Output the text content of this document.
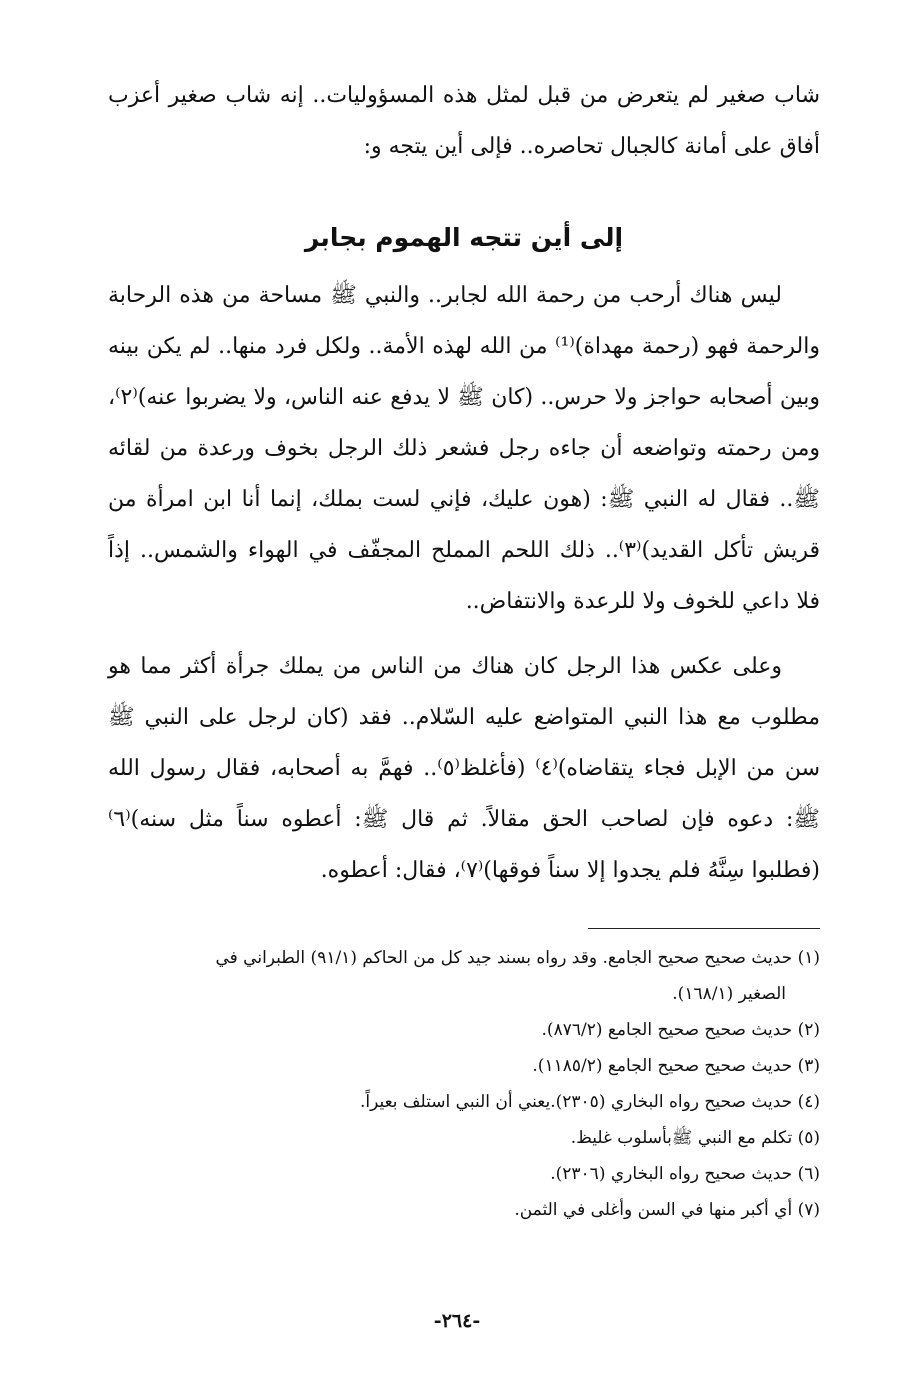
شاب صغير لم يتعرض من قبل لمثل هذه المسؤوليات.. إنه شاب صغير أعزب أفاق على أمانة كالجبال تحاصره.. فإلى أين يتجه و:

إلى أين تتجه الهموم بجابر

ليس هناك أرحب من رحمة الله لجابر.. والنبي ﷺ مساحة من هذه الرحابة والرحمة فهو (رحمة مهداة)⁽¹⁾ من الله لهذه الأمة.. ولكل فرد منها.. لم يكن بينه وبين أصحابه حواجز ولا حرس.. (كان ﷺ لا يدفع عنه الناس، ولا يضربوا عنه)⁽٢⁾، ومن رحمته وتواضعه أن جاءه رجل فشعر ذلك الرجل بخوف ورعدة من لقائه ﷺ.. فقال له النبي ﷺ: (هون عليك، فإني لست بملك، إنما أنا ابن امرأة من قريش تأكل القديد)⁽٣⁾.. ذلك اللحم المملح المجفّف في الهواء والشمس.. إذاً فلا داعي للخوف ولا للرعدة والانتفاض..

وعلى عكس هذا الرجل كان هناك من الناس من يملك جرأة أكثر مما هو مطلوب مع هذا النبي المتواضع عليه السّلام.. فقد (كان لرجل على النبي ﷺ سن من الإبل فجاء يتقاضاه)⁽٤⁾ (فأغلظ⁽٥⁾.. فهمَّ به أصحابه، فقال رسول الله ﷺ: دعوه فإن لصاحب الحق مقالاً. ثم قال ﷺ: أعطوه سناً مثل سنه)⁽٦⁾ (فطلبوا سِنَّهُ فلم يجدوا إلا سناً فوقها)⁽٧⁾، فقال: أعطوه.

(١) حديث صحيح صحيح الجامع. وقد رواه بسند جيد كل من الحاكم (٩١/١) الطبراني في
الصغير (١٦٨/١).
(٢) حديث صحيح صحيح الجامع (٨٧٦/٢).
(٣) حديث صحيح صحيح الجامع (١١٨٥/٢).
(٤) حديث صحيح رواه البخاري (٢٣٠٥).يعني أن النبي استلف بعيراً.
(٥) تكلم مع النبي ﷺبأسلوب غليظ.
(٦) حديث صحيح رواه البخاري (٢٣٠٦).
(٧) أي أكبر منها في السن وأغلى في الثمن.
-٢٦٤-
